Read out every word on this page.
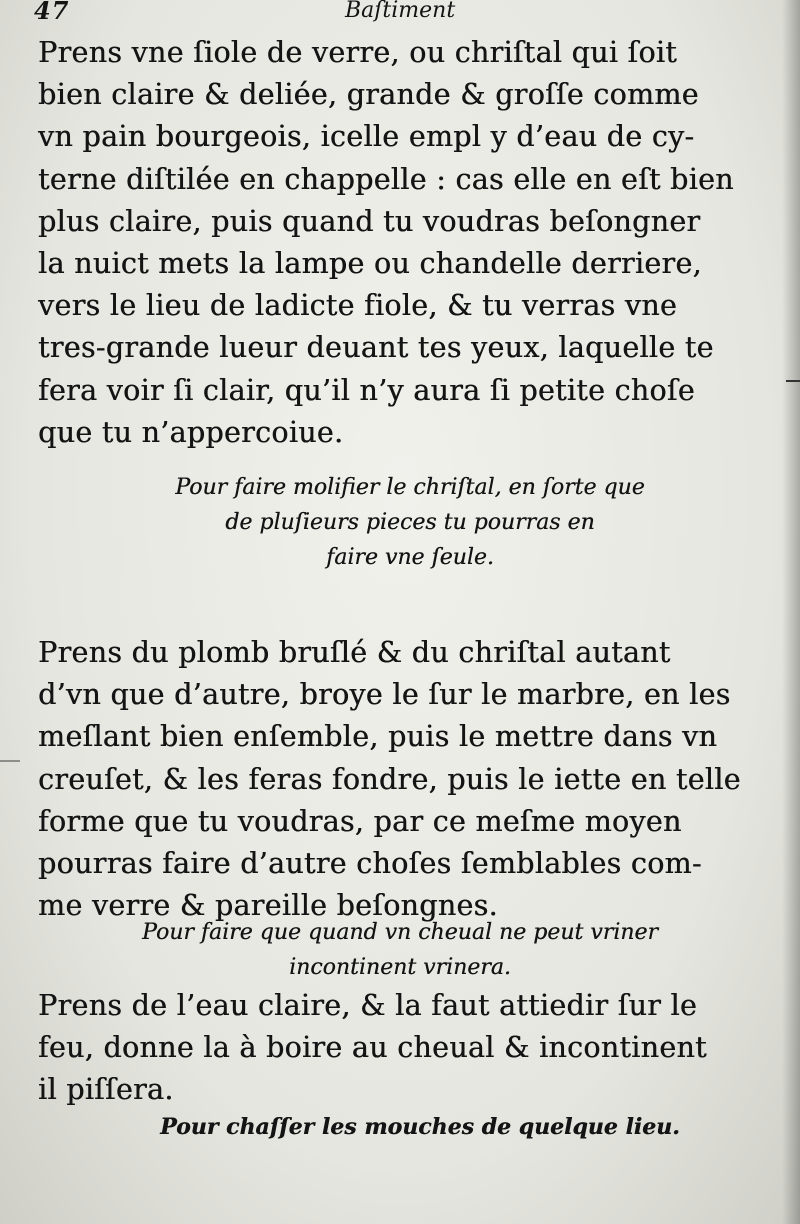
47	Baſtiment
Prens vne ſiole de verre, ou chriſtal qui ſoit
bien claire & deliée, grande & groſſe comme
vn pain bourgeois, icelle empl y d’eau de cy-
terne diſtilée en chappelle : cas elle en eſt bien
plus claire, puis quand tu voudras beſongner
la nuict mets la lampe ou chandelle derriere,
vers le lieu de ladicte fiole, & tu verras vne
tres-grande lueur deuant tes yeux, laquelle te
fera voir ſi clair, qu’il n’y aura ſi petite choſe
que tu n’appercoiue.
Pour faire molifier le chriſtal, en ſorte que
de pluſieurs pieces tu pourras en
faire vne ſeule.
Prens du plomb bruſlé & du chriſtal autant
d’vn que d’autre, broye le ſur le marbre, en les
meſlant bien enſemble, puis le mettre dans vn
creuſet, & les feras fondre, puis le iette en telle
forme que tu voudras, par ce meſme moyen
pourras faire d’autre choſes ſemblables com-
me verre & pareille beſongnes.
Pour faire que quand vn cheual ne peut vriner
incontinent vrinera.
Prens de l’eau claire, & la faut attiedir ſur le
feu, donne la à boire au cheual & incontinent
il piſſera.
Pour chaſſer les mouches de quelque lieu.
